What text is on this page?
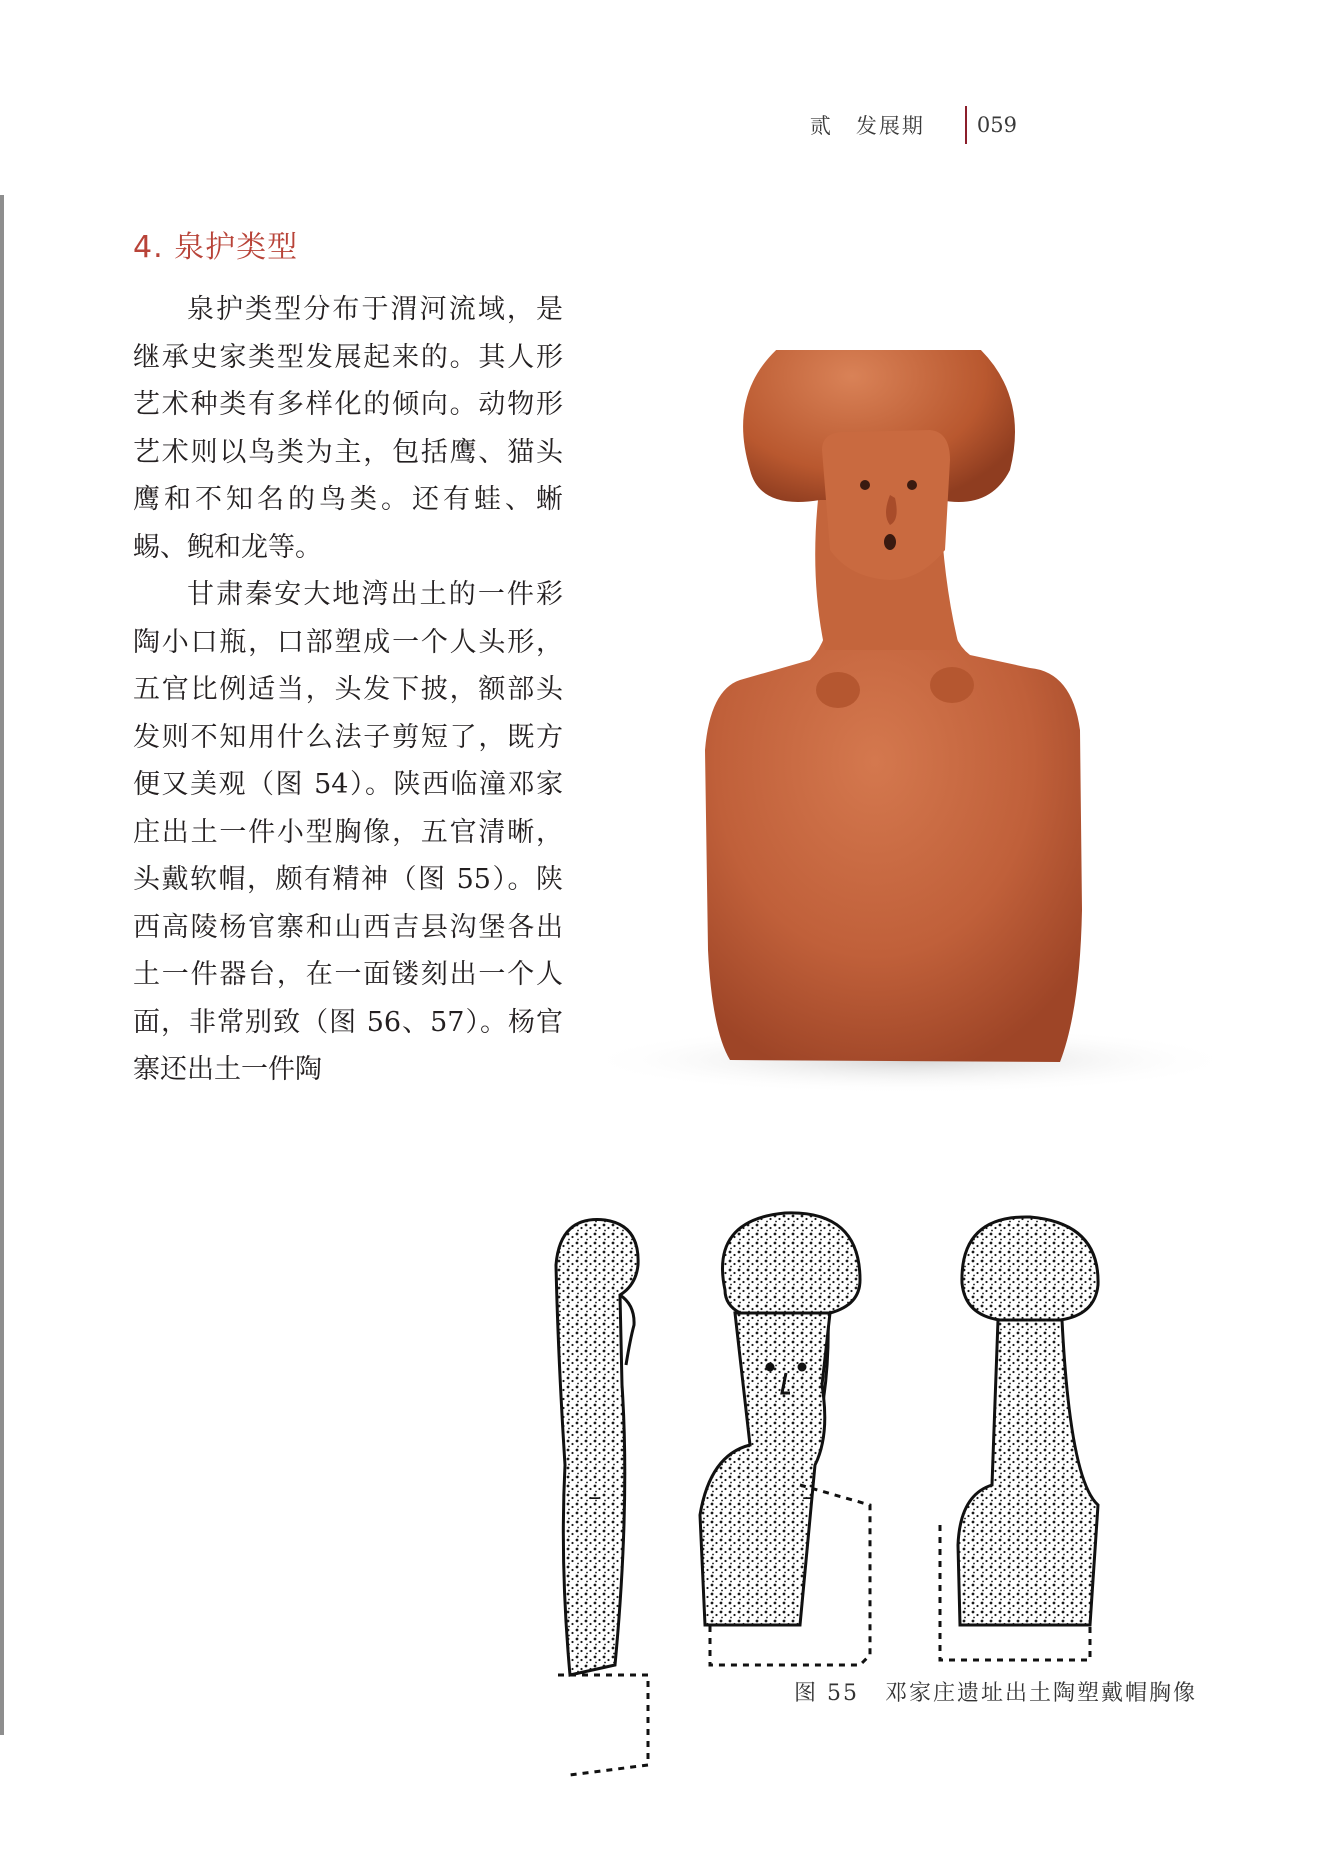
贰　发展期 059
4. 泉护类型

泉护类型分布于渭河流域，是继承史家类型发展起来的。其人形艺术种类有多样化的倾向。动物形艺术则以鸟类为主，包括鹰、猫头鹰和不知名的鸟类。还有蛙、蜥蜴、鲵和龙等。

甘肃秦安大地湾出土的一件彩陶小口瓶，口部塑成一个人头形，五官比例适当，头发下披，额部头发则不知用什么法子剪短了，既方便又美观（图 54）。陕西临潼邓家庄出土一件小型胸像，五官清晰，头戴软帽，颇有精神（图 55）。陕西高陵杨官寨和山西吉县沟堡各出土一件器台，在一面镂刻出一个人面，非常别致（图 56、57）。杨官寨还出土一件陶

–	–
图 55 邓家庄遗址出土陶塑戴帽胸像
